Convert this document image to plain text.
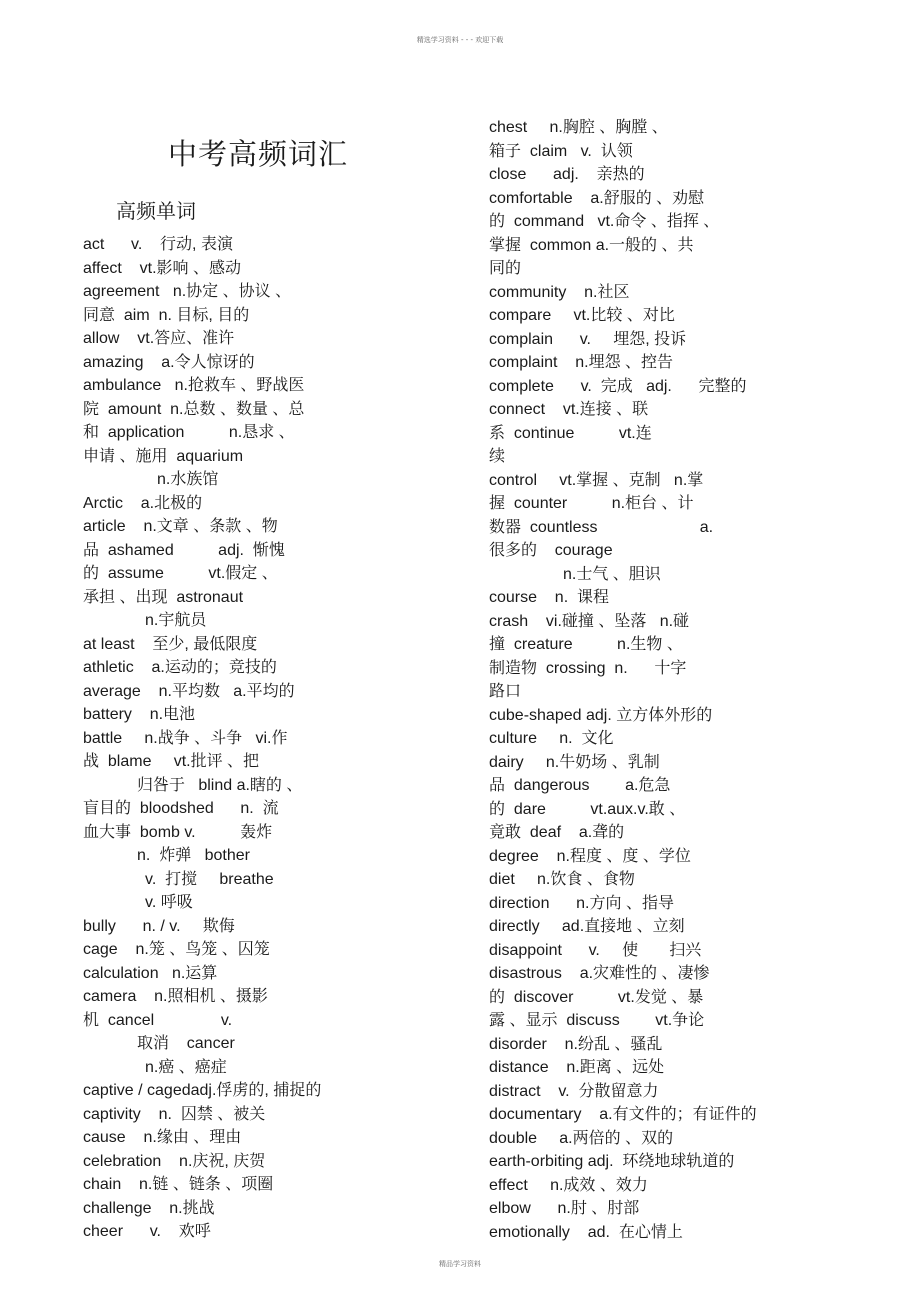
精选学习资料 - - - 欢迎下载
中考高频词汇
高频单词
act      v.    行动, 表演
affect    vt.影响 、感动
agreement   n.协定 、协议 、
同意  aim  n. 目标, 目的
allow    vt.答应、准许
amazing    a.令人惊讶的
ambulance   n.抢救车 、野战医
院  amount  n.总数 、数量 、总
和  application          n.恳求 、
申请 、施用  aquarium
n.水族馆
Arctic    a.北极的
article    n.文章 、条款 、物
品  ashamed          adj.  惭愧
的  assume          vt.假定 、
承担 、出现  astronaut
n.宇航员
at least    至少, 最低限度
athletic    a.运动的；竞技的
average    n.平均数   a.平均的
battery    n.电池
battle     n.战争 、斗争   vi.作
战  blame     vt.批评 、把
归咎于   blind a.瞎的 、
盲目的  bloodshed      n.  流
血大事  bomb v.          轰炸
n.  炸弹   bother
v.  打搅     breathe
v. 呼吸
bully      n. / v.     欺侮
cage    n.笼 、鸟笼 、囚笼
calculation   n.运算
camera    n.照相机 、摄影
机  cancel               v.
取消    cancer
n.癌 、癌症
captive / cagedadj.俘虏的, 捕捉的
captivity    n.  囚禁 、被关
cause    n.缘由 、理由
celebration    n.庆祝, 庆贺
chain    n.链 、链条 、项圈
challenge    n.挑战
cheer      v.    欢呼
chest     n.胸腔 、胸膛 、
箱子  claim   v.  认领
close      adj.    亲热的
comfortable    a.舒服的 、劝慰
的  command   vt.命令 、指挥 、
掌握  common a.一般的 、共
同的
community    n.社区
compare     vt.比较 、对比
complain      v.     埋怨, 投诉
complaint    n.埋怨 、控告
complete      v.  完成   adj.      完整的
connect    vt.连接 、联
系  continue          vt.连
续
control     vt.掌握 、克制   n.掌
握  counter          n.柜台 、计
数器  countless                       a.
很多的    courage
n.士气 、胆识
course    n.  课程
crash    vi.碰撞 、坠落   n.碰
撞  creature          n.生物 、
制造物  crossing  n.      十字
路口
cube-shaped adj. 立方体外形的
culture     n.  文化
dairy     n.牛奶场 、乳制
品  dangerous        a.危急
的  dare          vt.aux.v.敢 、
竟敢  deaf    a.聋的
degree    n.程度 、度 、学位
diet     n.饮食 、食物
direction      n.方向 、指导
directly     ad.直接地 、立刻
disappoint      v.     使       扫兴
disastrous    a.灾难性的 、凄惨
的  discover          vt.发觉 、暴
露 、显示  discuss        vt.争论
disorder    n.纷乱 、骚乱
distance    n.距离 、远处
distract    v.  分散留意力
documentary    a.有文件的；有证件的
double     a.两倍的 、双的
earth-orbiting adj.  环绕地球轨道的
effect     n.成效 、效力
elbow      n.肘 、肘部
emotionally    ad.  在心情上
精品学习资料
